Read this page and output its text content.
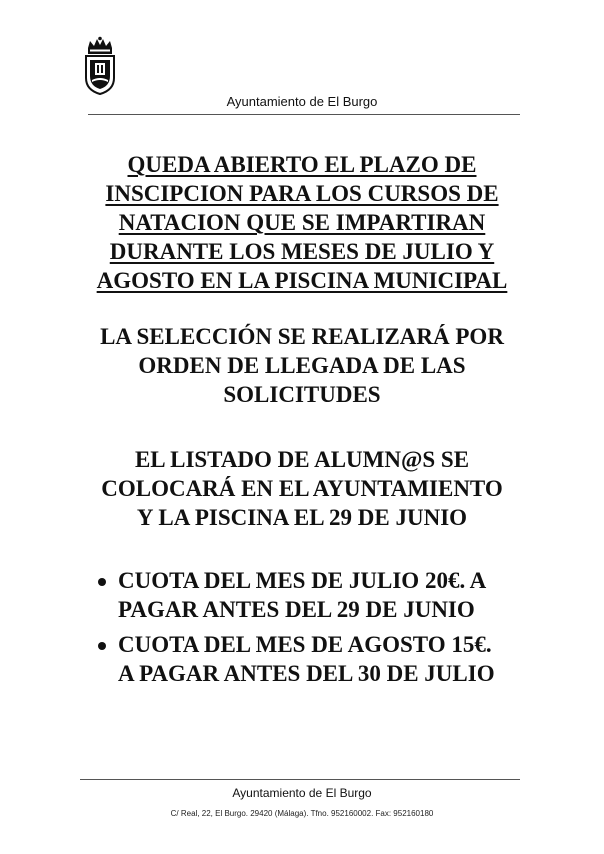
Ayuntamiento de El Burgo
QUEDA ABIERTO EL PLAZO DE
INSCIPCION PARA LOS CURSOS DE
NATACION QUE SE IMPARTIRAN
DURANTE LOS MESES DE JULIO Y
AGOSTO EN LA PISCINA MUNICIPAL
LA SELECCIÓN SE REALIZARÁ POR
ORDEN DE LLEGADA DE LAS
SOLICITUDES
EL LISTADO DE ALUMN@S SE
COLOCARÁ EN EL AYUNTAMIENTO
Y LA PISCINA EL 29 DE JUNIO
CUOTA DEL MES DE JULIO 20€. A
PAGAR ANTES DEL 29 DE JUNIO
CUOTA DEL MES DE AGOSTO 15€.
A PAGAR ANTES DEL 30 DE JULIO
Ayuntamiento de El Burgo
C/ Real, 22, El Burgo. 29420 (Málaga). Tfno. 952160002. Fax: 952160180
